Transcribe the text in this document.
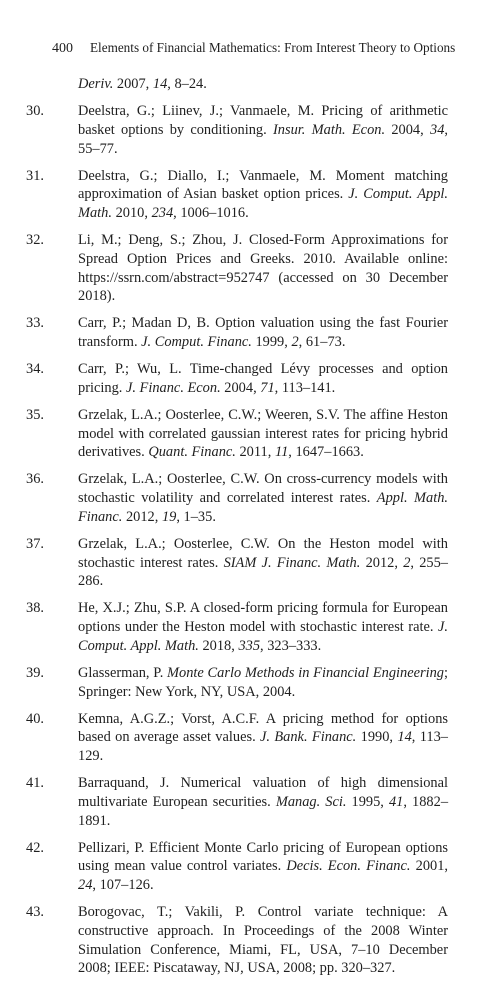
400 Elements of Financial Mathematics: From Interest Theory to Options
Deriv. 2007, 14, 8–24.
30. Deelstra, G.; Liinev, J.; Vanmaele, M. Pricing of arithmetic basket options by conditioning. Insur. Math. Econ. 2004, 34, 55–77.
31. Deelstra, G.; Diallo, I.; Vanmaele, M. Moment matching approximation of Asian basket option prices. J. Comput. Appl. Math. 2010, 234, 1006–1016.
32. Li, M.; Deng, S.; Zhou, J. Closed-Form Approximations for Spread Option Prices and Greeks. 2010. Available online: https://ssrn.com/abstract=952747 (accessed on 30 December 2018).
33. Carr, P.; Madan D, B. Option valuation using the fast Fourier transform. J. Comput. Financ. 1999, 2, 61–73.
34. Carr, P.; Wu, L. Time-changed Lévy processes and option pricing. J. Financ. Econ. 2004, 71, 113–141.
35. Grzelak, L.A.; Oosterlee, C.W.; Weeren, S.V. The affine Heston model with correlated gaussian interest rates for pricing hybrid derivatives. Quant. Financ. 2011, 11, 1647–1663.
36. Grzelak, L.A.; Oosterlee, C.W. On cross-currency models with stochastic volatility and correlated interest rates. Appl. Math. Financ. 2012, 19, 1–35.
37. Grzelak, L.A.; Oosterlee, C.W. On the Heston model with stochastic interest rates. SIAM J. Financ. Math. 2012, 2, 255–286.
38. He, X.J.; Zhu, S.P. A closed-form pricing formula for European options under the Heston model with stochastic interest rate. J. Comput. Appl. Math. 2018, 335, 323–333.
39. Glasserman, P. Monte Carlo Methods in Financial Engineering; Springer: New York, NY, USA, 2004.
40. Kemna, A.G.Z.; Vorst, A.C.F. A pricing method for options based on average asset values. J. Bank. Financ. 1990, 14, 113–129.
41. Barraquand, J. Numerical valuation of high dimensional multivariate European securities. Manag. Sci. 1995, 41, 1882–1891.
42. Pellizari, P. Efficient Monte Carlo pricing of European options using mean value control variates. Decis. Econ. Financ. 2001, 24, 107–126.
43. Borogovac, T.; Vakili, P. Control variate technique: A constructive approach. In Proceedings of the 2008 Winter Simulation Conference, Miami, FL, USA, 7–10 December 2008; IEEE: Piscataway, NJ, USA, 2008; pp. 320–327.
